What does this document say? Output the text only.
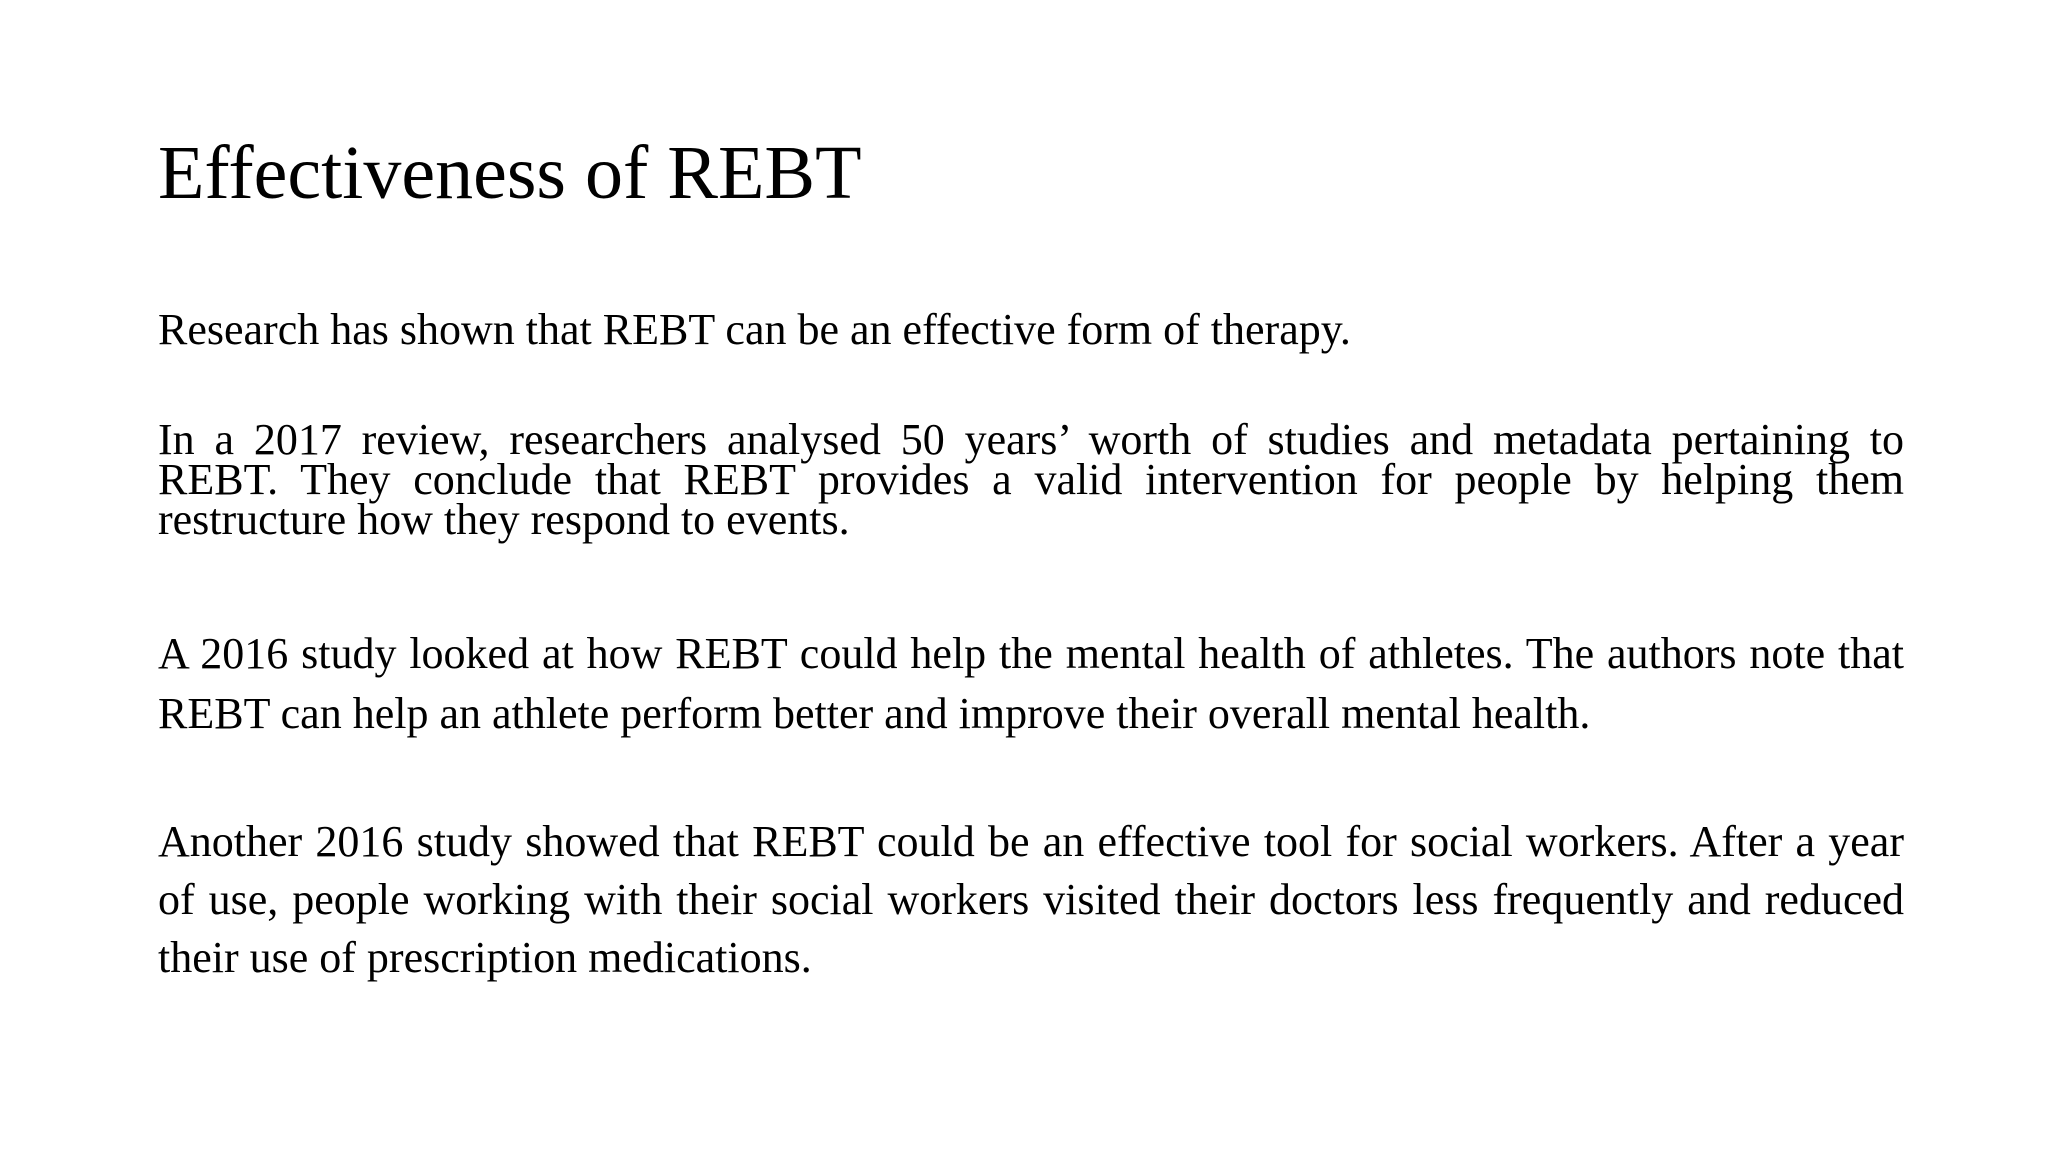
Effectiveness of REBT

Research has shown that REBT can be an effective form of therapy.

In a 2017 review, researchers analysed 50 years’ worth of studies and metadata pertaining to REBT. They conclude that REBT provides a valid intervention for people by helping them restructure how they respond to events.

A 2016 study looked at how REBT could help the mental health of athletes. The authors note that REBT can help an athlete perform better and improve their overall mental health.

Another 2016 study showed that REBT could be an effective tool for social workers. After a year of use, people working with their social workers visited their doctors less frequently and reduced their use of prescription medications.
